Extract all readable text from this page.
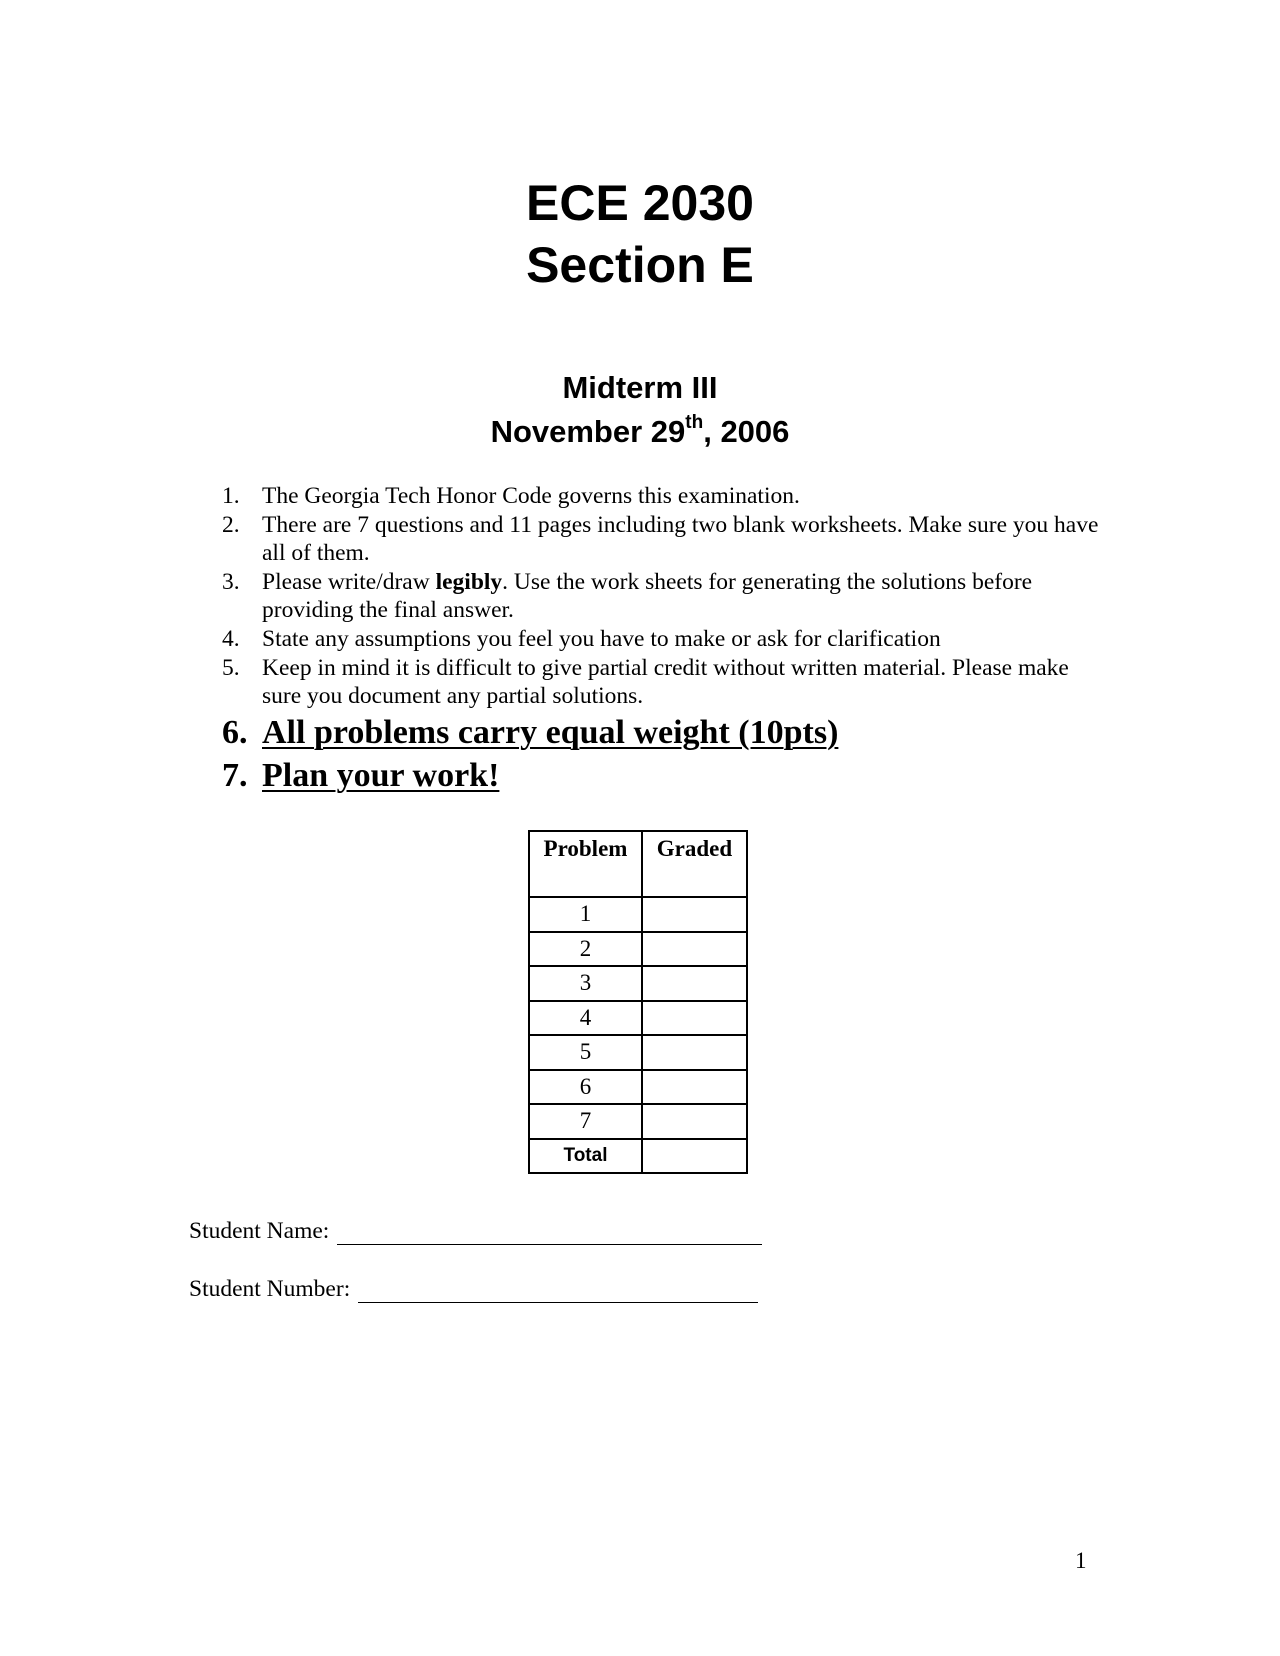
ECE 2030
Section E
Midterm III
November 29th, 2006
1. The Georgia Tech Honor Code governs this examination.
2. There are 7 questions and 11 pages including two blank worksheets. Make sure you have all of them.
3. Please write/draw legibly. Use the work sheets for generating the solutions before providing the final answer.
4. State any assumptions you feel you have to make or ask for clarification
5. Keep in mind it is difficult to give partial credit without written material. Please make sure you document any partial solutions.
6. All problems carry equal weight (10pts)
7. Plan your work!
Problem	Graded
1	
2	
3	
4	
5	
6	
7	
Total	
Student Name:
Student Number:
1
